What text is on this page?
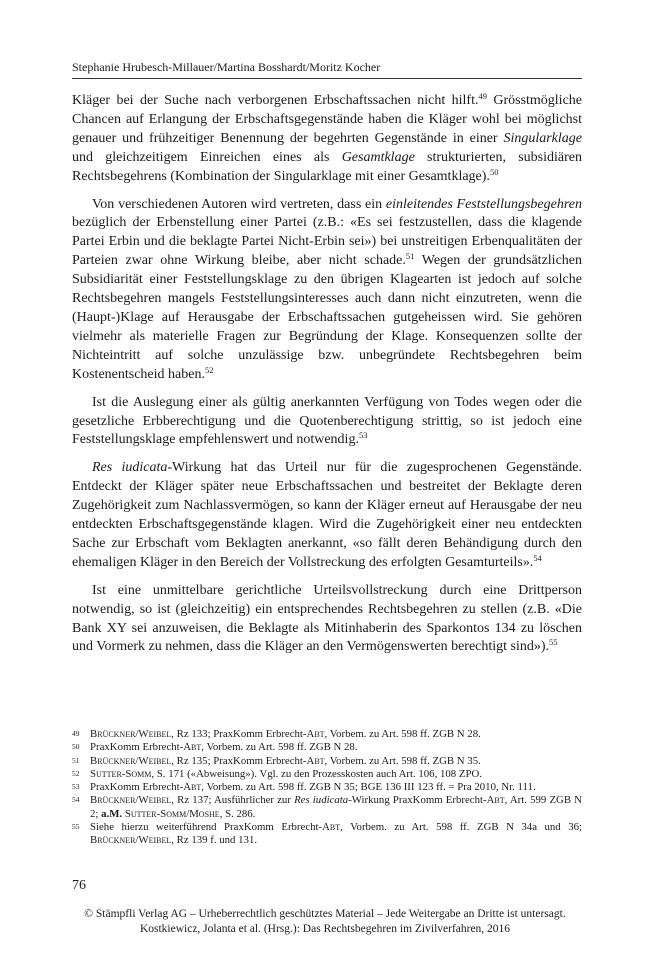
Stephanie Hrubesch-Millauer/Martina Bosshardt/Moritz Kocher

Kläger bei der Suche nach verborgenen Erbschaftssachen nicht hilft.$^{49}$ Grösstmögliche Chancen auf Erlangung der Erbschaftsgegenstände haben die Kläger wohl bei möglichst genauer und frühzeitiger Benennung der begehrten Gegenstände in einer Singularklage und gleichzeitigem Einreichen eines als Gesamtklage strukturierten, subsidiären Rechtsbegehrens (Kombination der Singularklage mit einer Gesamtklage).$^{50}$

Von verschiedenen Autoren wird vertreten, dass ein einleitendes Feststellungsbegehren bezüglich der Erbenstellung einer Partei (z.B.: «Es sei festzustellen, dass die klagende Partei Erbin und die beklagte Partei Nicht-Erbin sei») bei unstreitigen Erbenqualitäten der Parteien zwar ohne Wirkung bleibe, aber nicht schade.$^{51}$ Wegen der grundsätzlichen Subsidiarität einer Feststellungsklage zu den übrigen Klagearten ist jedoch auf solche Rechtsbegehren mangels Feststellungsinteresses auch dann nicht einzutreten, wenn die (Haupt-)Klage auf Herausgabe der Erbschaftssachen gutgeheissen wird. Sie gehören vielmehr als materielle Fragen zur Begründung der Klage. Konsequenzen sollte der Nichteintritt auf solche unzulässige bzw. unbegründete Rechtsbegehren beim Kostenentscheid haben.$^{52}$

Ist die Auslegung einer als gültig anerkannten Verfügung von Todes wegen oder die gesetzliche Erbberechtigung und die Quotenberechtigung strittig, so ist jedoch eine Feststellungsklage empfehlenswert und notwendig.$^{53}$

Res iudicata-Wirkung hat das Urteil nur für die zugesprochenen Gegenstände. Entdeckt der Kläger später neue Erbschaftssachen und bestreitet der Beklagte deren Zugehörigkeit zum Nachlassvermögen, so kann der Kläger erneut auf Herausgabe der neu entdeckten Erbschaftsgegenstände klagen. Wird die Zugehörigkeit einer neu entdeckten Sache zur Erbschaft vom Beklagten anerkannt, «so fällt deren Behändigung durch den ehemaligen Kläger in den Bereich der Vollstreckung des erfolgten Gesamturteils».$^{54}$

Ist eine unmittelbare gerichtliche Urteilsvollstreckung durch eine Drittperson notwendig, so ist (gleichzeitig) ein entsprechendes Rechtsbegehren zu stellen (z.B. «Die Bank XY sei anzuweisen, die Beklagte als Mitinhaberin des Sparkontos 134 zu löschen und Vormerk zu nehmen, dass die Kläger an den Vermögenswerten berechtigt sind»).$^{55}$

49 Brückner/Weibel, Rz 133; PraxKomm Erbrecht-Abt, Vorbem. zu Art. 598 ff. ZGB N 28.
50 PraxKomm Erbrecht-Abt, Vorbem. zu Art. 598 ff. ZGB N 28.
51 Brückner/Weibel, Rz 135; PraxKomm Erbrecht-Abt, Vorbem. zu Art. 598 ff. ZGB N 35.
52 Sutter-Somm, S. 171 («Abweisung»). Vgl. zu den Prozesskosten auch Art. 106, 108 ZPO.
53 PraxKomm Erbrecht-Abt, Vorbem. zu Art. 598 ff. ZGB N 35; BGE 136 III 123 ff. = Pra 2010, Nr. 111.
54 Brückner/Weibel, Rz 137; Ausführlicher zur Res iudicata-Wirkung PraxKomm Erbrecht-Abt, Art. 599 ZGB N 2; a.M. Sutter-Somm/Moshe, S. 286.
55 Siehe hierzu weiterführend PraxKomm Erbrecht-Abt, Vorbem. zu Art. 598 ff. ZGB N 34a und 36; Brückner/Weibel, Rz 139 f. und 131.
76
© Stämpfli Verlag AG – Urheberrechtlich geschütztes Material – Jede Weitergabe an Dritte ist untersagt.
Kostkiewicz, Jolanta et al. (Hrsg.): Das Rechtsbegehren im Zivilverfahren, 2016
